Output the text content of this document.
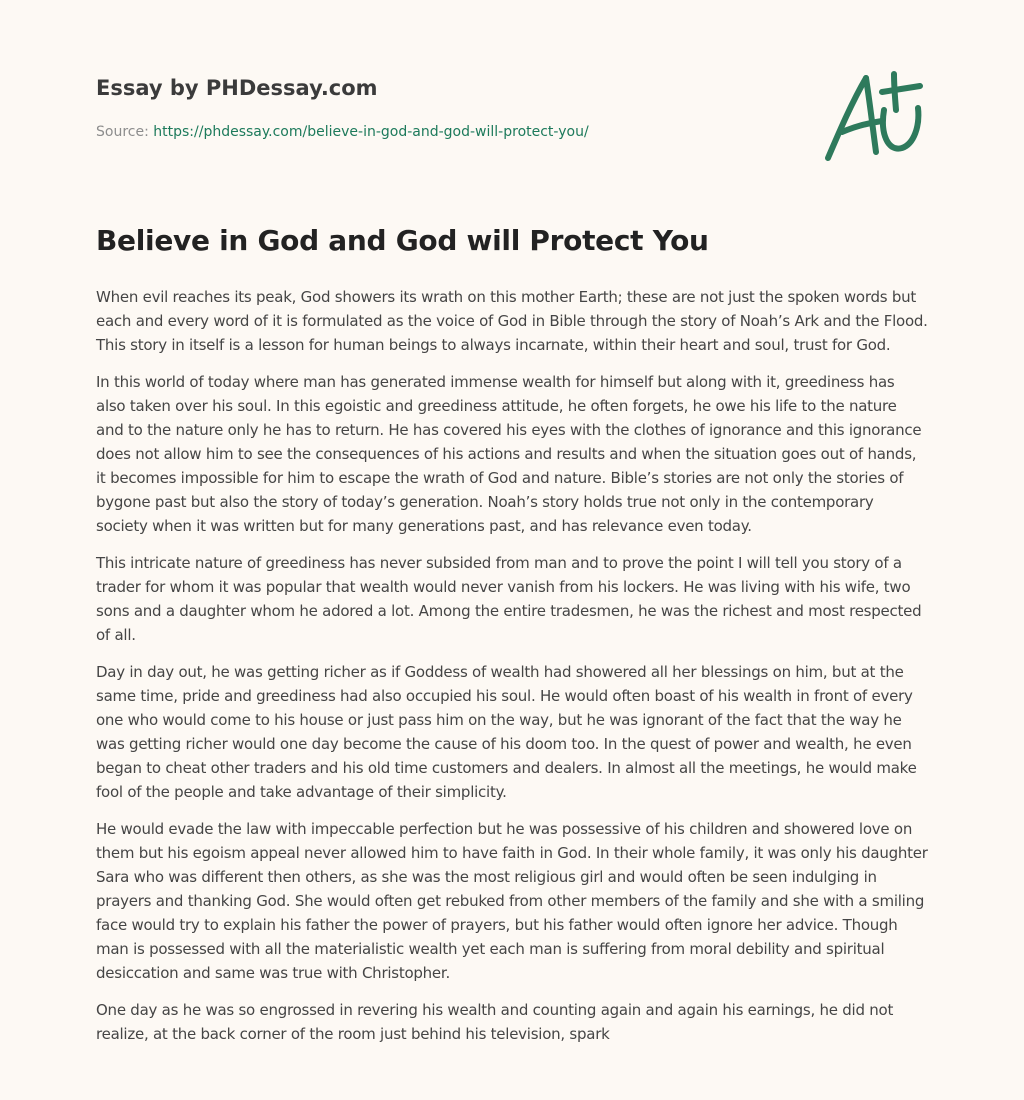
Essay by PHDessay.com
Source: https://phdessay.com/believe-in-god-and-god-will-protect-you/
Believe in God and God will Protect You

When evil reaches its peak, God showers its wrath on this mother Earth; these are not just the spoken words but each and every word of it is formulated as the voice of God in Bible through the story of Noah’s Ark and the Flood. This story in itself is a lesson for human beings to always incarnate, within their heart and soul, trust for God.

In this world of today where man has generated immense wealth for himself but along with it, greediness has also taken over his soul. In this egoistic and greediness attitude, he often forgets, he owe his life to the nature and to the nature only he has to return. He has covered his eyes with the clothes of ignorance and this ignorance does not allow him to see the consequences of his actions and results and when the situation goes out of hands, it becomes impossible for him to escape the wrath of God and nature. Bible’s stories are not only the stories of bygone past but also the story of today’s generation. Noah’s story holds true not only in the contemporary society when it was written but for many generations past, and has relevance even today.

This intricate nature of greediness has never subsided from man and to prove the point I will tell you story of a trader for whom it was popular that wealth would never vanish from his lockers. He was living with his wife, two sons and a daughter whom he adored a lot. Among the entire tradesmen, he was the richest and most respected of all.

Day in day out, he was getting richer as if Goddess of wealth had showered all her blessings on him, but at the same time, pride and greediness had also occupied his soul. He would often boast of his wealth in front of every one who would come to his house or just pass him on the way, but he was ignorant of the fact that the way he was getting richer would one day become the cause of his doom too. In the quest of power and wealth, he even began to cheat other traders and his old time customers and dealers. In almost all the meetings, he would make fool of the people and take advantage of their simplicity.

He would evade the law with impeccable perfection but he was possessive of his children and showered love on them but his egoism appeal never allowed him to have faith in God. In their whole family, it was only his daughter Sara who was different then others, as she was the most religious girl and would often be seen indulging in prayers and thanking God. She would often get rebuked from other members of the family and she with a smiling face would try to explain his father the power of prayers, but his father would often ignore her advice. Though man is possessed with all the materialistic wealth yet each man is suffering from moral debility and spiritual desiccation and same was true with Christopher.

One day as he was so engrossed in revering his wealth and counting again and again his earnings, he did not realize, at the back corner of the room just behind his television, spark
